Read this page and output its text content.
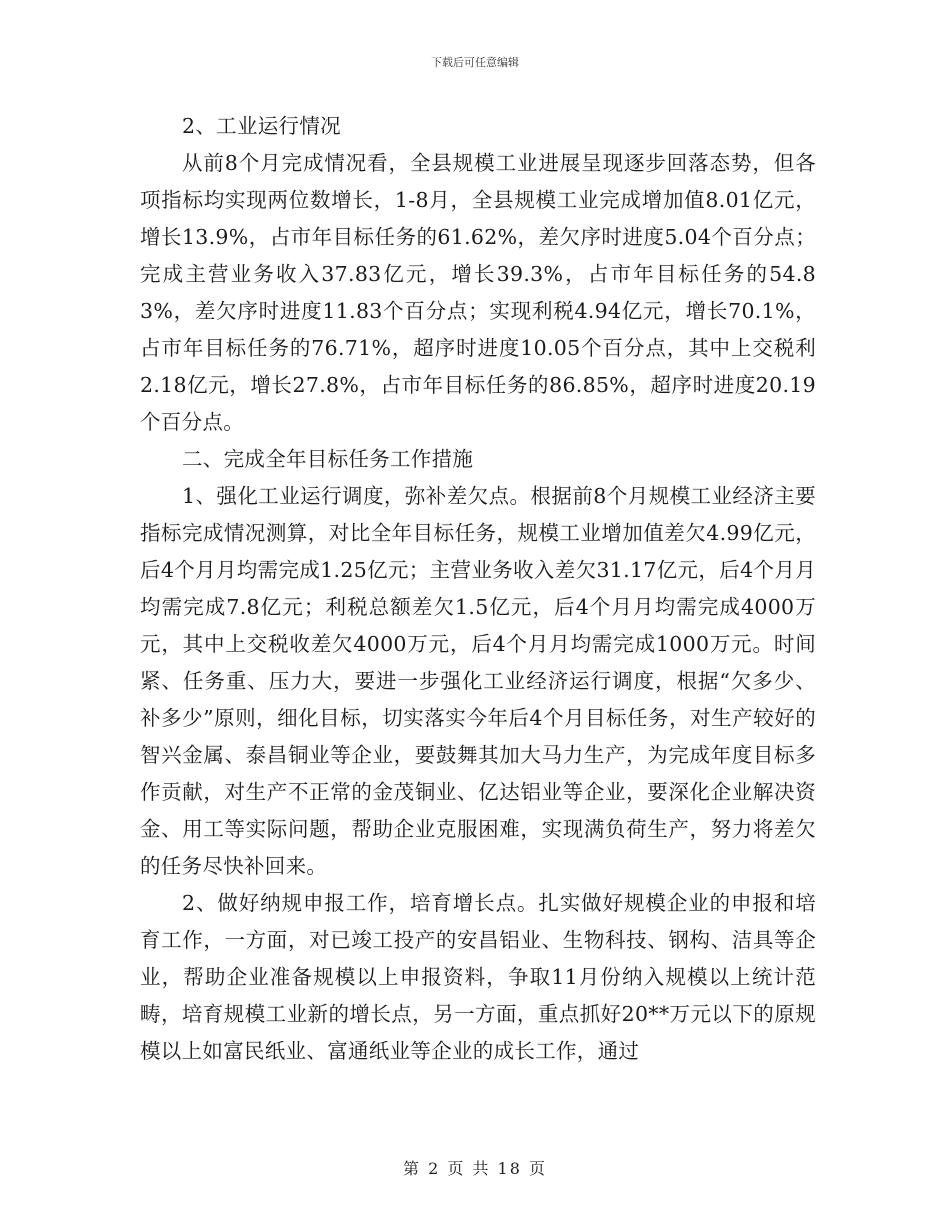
下载后可任意编辑

2、工业运行情况

从前8个月完成情况看，全县规模工业进展呈现逐步回落态势，但各项指标均实现两位数增长，1-8月，全县规模工业完成增加值8.01亿元，增长13.9%，占市年目标任务的61.62%，差欠序时进度5.04个百分点；完成主营业务收入37.83亿元，增长39.3%，占市年目标任务的54.83%，差欠序时进度11.83个百分点；实现利税4.94亿元，增长70.1%，占市年目标任务的76.71%，超序时进度10.05个百分点，其中上交税利2.18亿元，增长27.8%，占市年目标任务的86.85%，超序时进度20.19个百分点。

二、完成全年目标任务工作措施

1、强化工业运行调度，弥补差欠点。根据前8个月规模工业经济主要指标完成情况测算，对比全年目标任务，规模工业增加值差欠4.99亿元，后4个月月均需完成1.25亿元；主营业务收入差欠31.17亿元，后4个月月均需完成7.8亿元；利税总额差欠1.5亿元，后4个月月均需完成4000万元，其中上交税收差欠4000万元，后4个月月均需完成1000万元。时间紧、任务重、压力大，要进一步强化工业经济运行调度，根据“欠多少、补多少”原则，细化目标，切实落实今年后4个月目标任务，对生产较好的智兴金属、泰昌铜业等企业，要鼓舞其加大马力生产，为完成年度目标多作贡献，对生产不正常的金茂铜业、亿达铝业等企业，要深化企业解决资金、用工等实际问题，帮助企业克服困难，实现满负荷生产，努力将差欠的任务尽快补回来。

2、做好纳规申报工作，培育增长点。扎实做好规模企业的申报和培育工作，一方面，对已竣工投产的安昌铝业、生物科技、钢构、洁具等企业，帮助企业准备规模以上申报资料，争取11月份纳入规模以上统计范畴，培育规模工业新的增长点，另一方面，重点抓好20**万元以下的原规模以上如富民纸业、富通纸业等企业的成长工作，通过

第 2 页 共 18 页
